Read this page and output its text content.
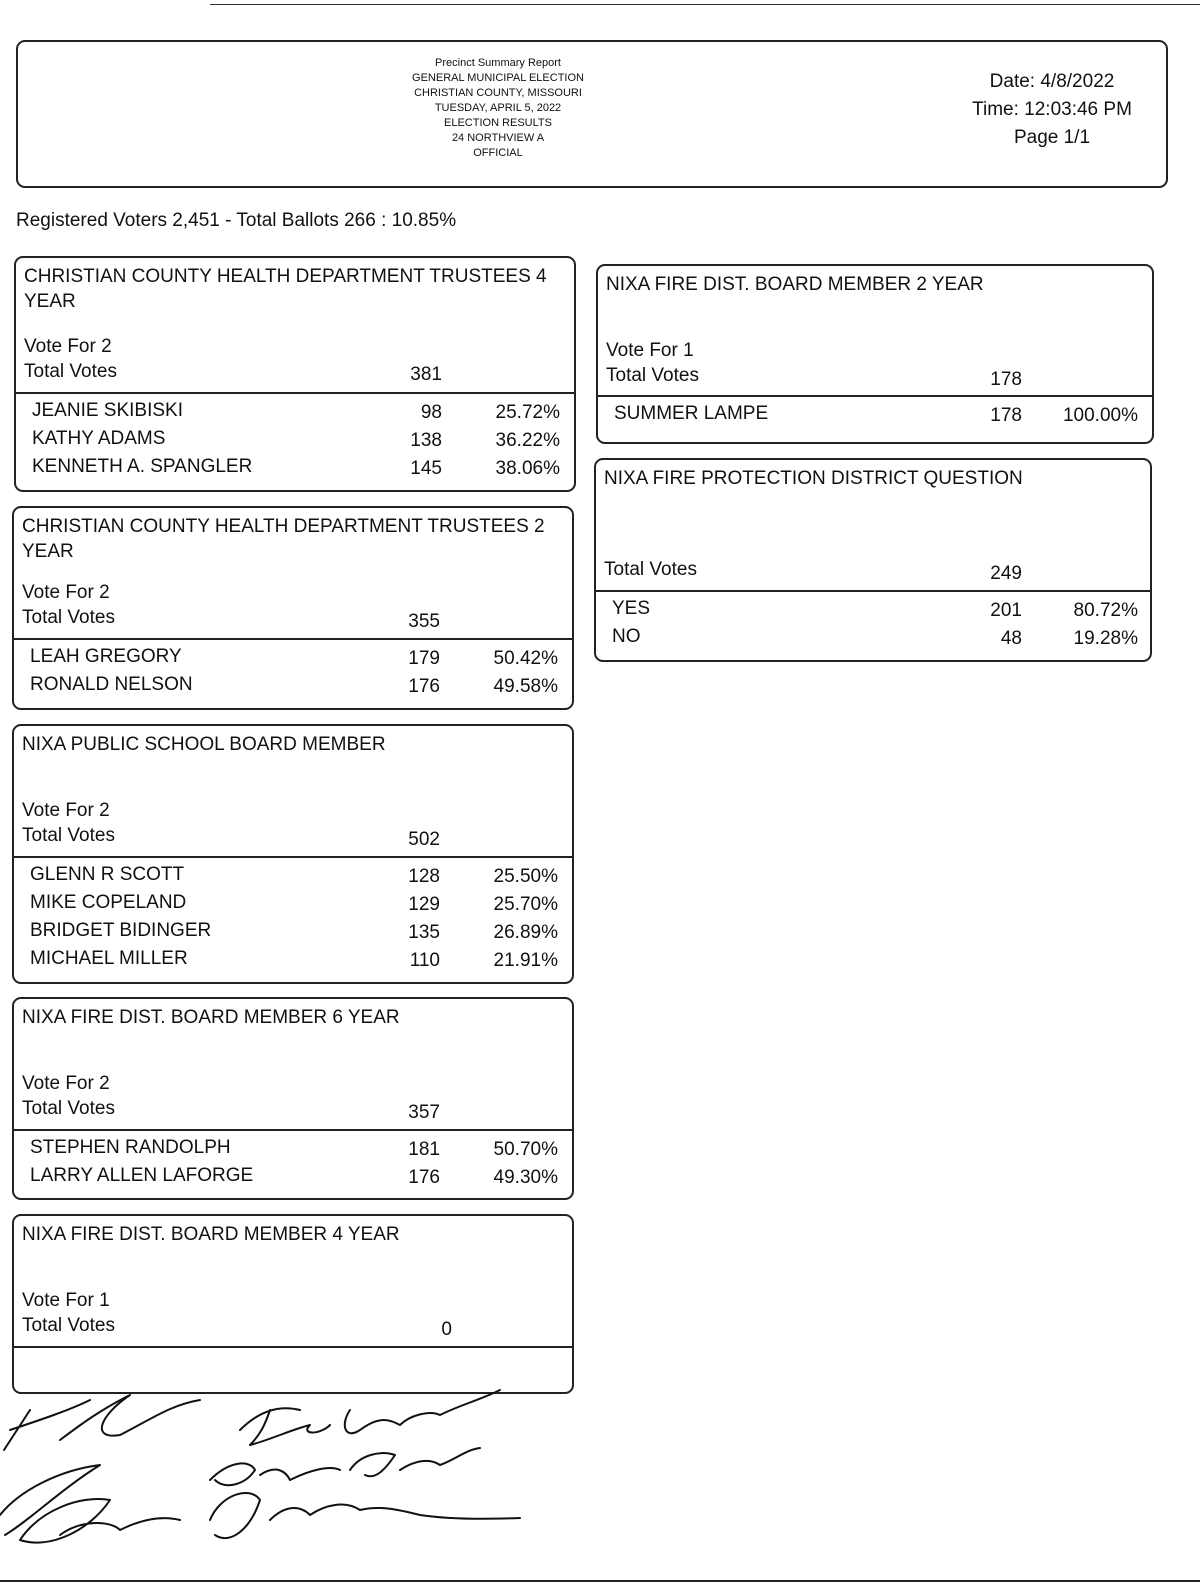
Precinct Summary Report
GENERAL MUNICIPAL ELECTION
CHRISTIAN COUNTY, MISSOURI
TUESDAY, APRIL 5, 2022
ELECTION RESULTS
24 NORTHVIEW A
OFFICIAL
Date: 4/8/2022
Time: 12:03:46 PM
Page 1/1
Registered Voters 2,451 - Total Ballots 266 : 10.85%
CHRISTIAN COUNTY HEALTH DEPARTMENT TRUSTEES 4 YEAR
Vote For 2
Total Votes	381
JEANIE SKIBISKI	98	25.72%
KATHY ADAMS	138	36.22%
KENNETH A. SPANGLER	145	38.06%
CHRISTIAN COUNTY HEALTH DEPARTMENT TRUSTEES 2 YEAR
Vote For 2
Total Votes	355
LEAH GREGORY	179	50.42%
RONALD NELSON	176	49.58%
NIXA PUBLIC SCHOOL BOARD MEMBER
Vote For 2
Total Votes	502
GLENN R SCOTT	128	25.50%
MIKE COPELAND	129	25.70%
BRIDGET BIDINGER	135	26.89%
MICHAEL MILLER	110	21.91%
NIXA FIRE DIST. BOARD MEMBER 6 YEAR
Vote For 2
Total Votes	357
STEPHEN RANDOLPH	181	50.70%
LARRY ALLEN LAFORGE	176	49.30%
NIXA FIRE DIST. BOARD MEMBER 4 YEAR
Vote For 1
Total Votes	0
NIXA FIRE DIST. BOARD MEMBER 2 YEAR
Vote For 1
Total Votes	178
SUMMER LAMPE	178	100.00%
NIXA FIRE PROTECTION DISTRICT QUESTION
Total Votes	249
YES	201	80.72%
NO	48	19.28%
